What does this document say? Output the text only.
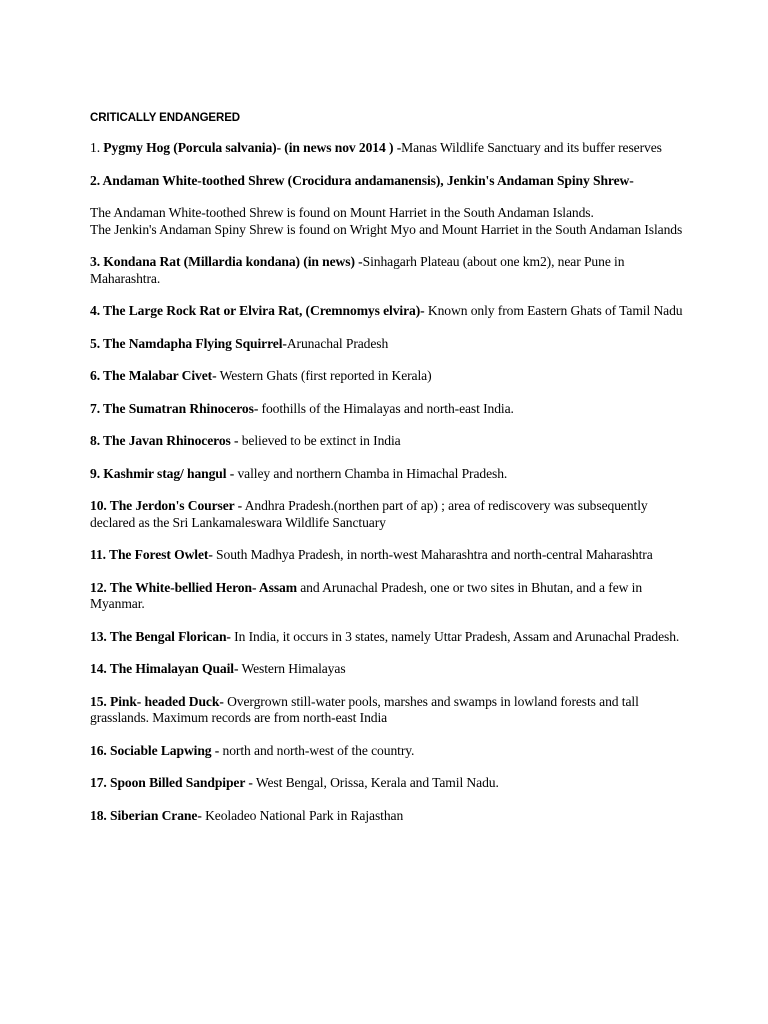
CRITICALLY ENDANGERED

1. Pygmy Hog (Porcula salvania)- (in news nov 2014 ) -Manas Wildlife Sanctuary and its buffer reserves

2. Andaman White-toothed Shrew (Crocidura andamanensis), Jenkin's Andaman Spiny Shrew-

The Andaman White-toothed Shrew is found on Mount Harriet in the South Andaman Islands.

The Jenkin's Andaman Spiny Shrew is found on Wright Myo and Mount Harriet in the South Andaman Islands

3. Kondana Rat (Millardia kondana) (in news) -Sinhagarh Plateau (about one km2), near Pune in Maharashtra.

4. The Large Rock Rat or Elvira Rat, (Cremnomys elvira)- Known only from Eastern Ghats of Tamil Nadu

5. The Namdapha Flying Squirrel-Arunachal Pradesh

6. The Malabar Civet- Western Ghats (first reported in Kerala)

7. The Sumatran Rhinoceros- foothills of the Himalayas and north-east India.

8. The Javan Rhinoceros - believed to be extinct in India

9. Kashmir stag/ hangul - valley and northern Chamba in Himachal Pradesh.

10. The Jerdon's Courser - Andhra Pradesh.(northen part of ap) ; area of rediscovery was subsequently declared as the Sri Lankamaleswara Wildlife Sanctuary

11. The Forest Owlet- South Madhya Pradesh, in north-west Maharashtra and north-central Maharashtra

12. The White-bellied Heron- Assam and Arunachal Pradesh, one or two sites in Bhutan, and a few in Myanmar.

13. The Bengal Florican- In India, it occurs in 3 states, namely Uttar Pradesh, Assam and Arunachal Pradesh.

14. The Himalayan Quail- Western Himalayas

15. Pink- headed Duck- Overgrown still-water pools, marshes and swamps in lowland forests and tall grasslands. Maximum records are from north-east India

16. Sociable Lapwing - north and north-west of the country.

17. Spoon Billed Sandpiper - West Bengal, Orissa, Kerala and Tamil Nadu.

18. Siberian Crane- Keoladeo National Park in Rajasthan
